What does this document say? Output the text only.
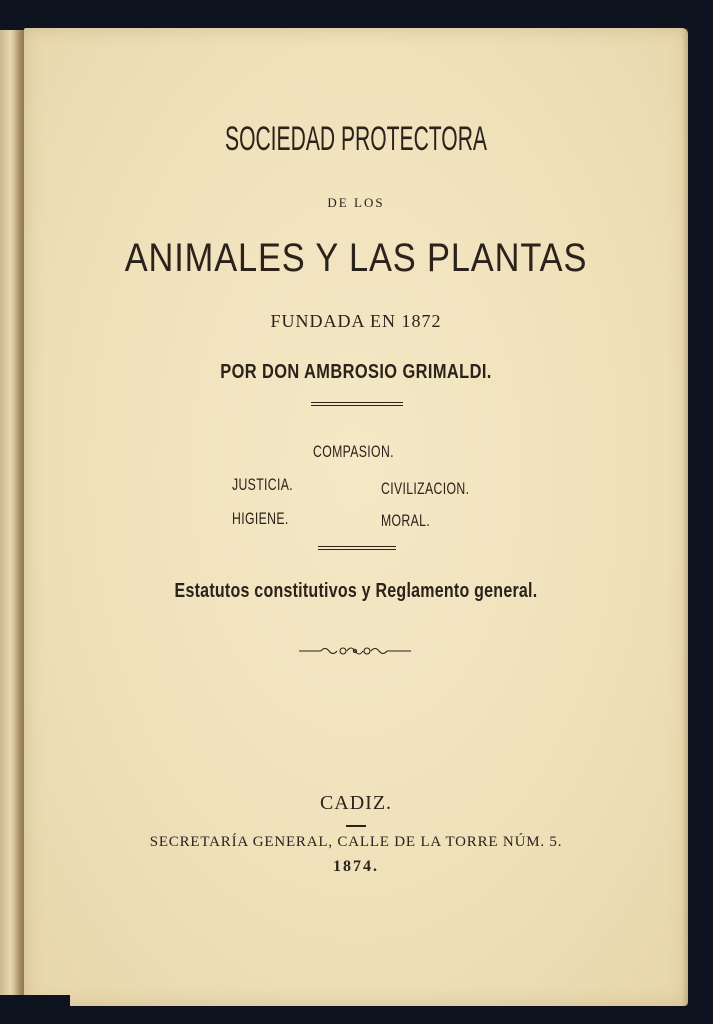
SOCIEDAD PROTECTORA
DE LOS
ANIMALES Y LAS PLANTAS
FUNDADA EN 1872
POR DON AMBROSIO GRIMALDI.
COMPASION.
JUSTICIA.	CIVILIZACION.
HIGIENE.	MORAL.
Estatutos constitutivos y Reglamento general.
CADIZ.
SECRETARÍA GENERAL, CALLE DE LA TORRE NÚM. 5.
1874.
